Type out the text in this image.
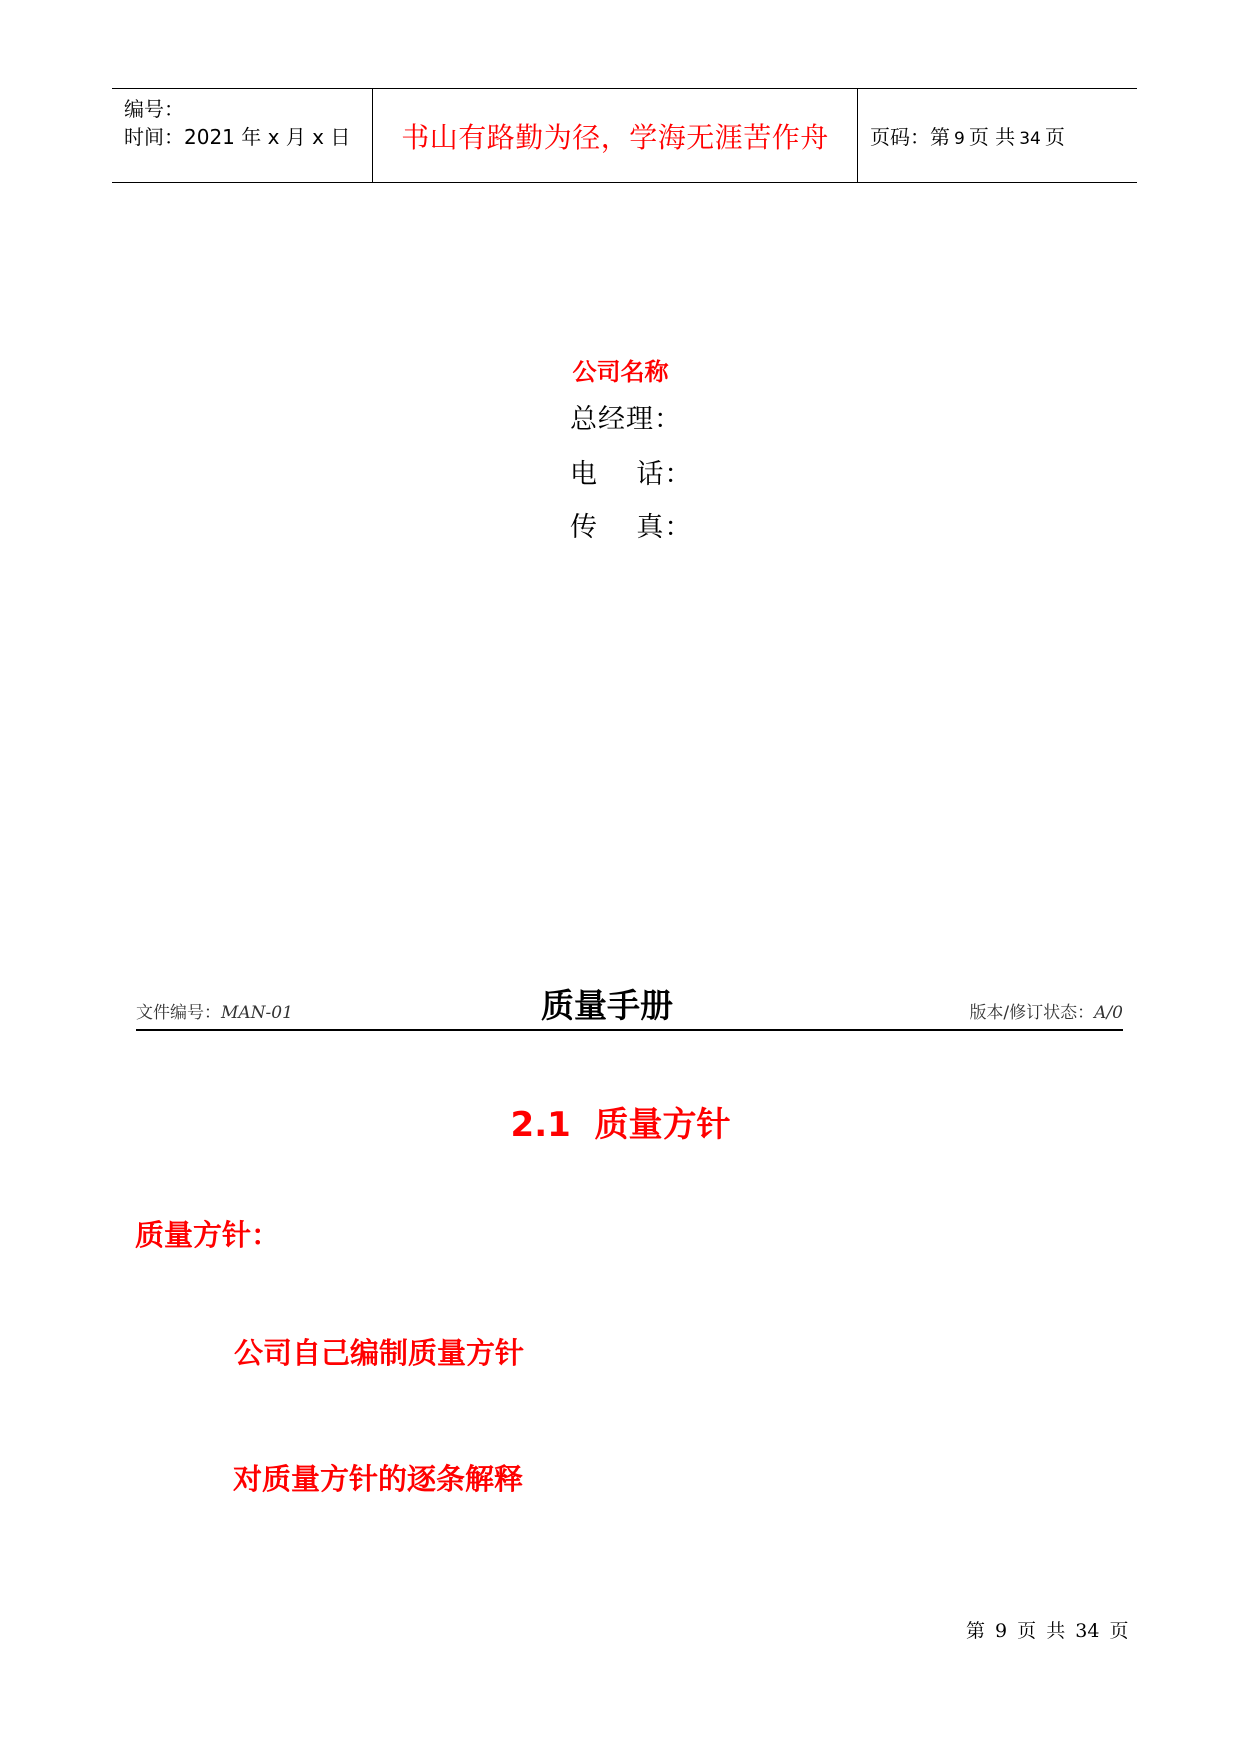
编号：
时间：2021 年 x 月 x 日 书山有路勤为径，学海无涯苦作舟 页码：第 9 页 共 34 页
公司名称
总经理：
电    话：
传    真：
文件编号：MAN-01	质量手册	版本/修订状态：A/0
2.1  质量方针
质量方针：
公司自己编制质量方针
对质量方针的逐条解释
第 9 页 共 34 页
